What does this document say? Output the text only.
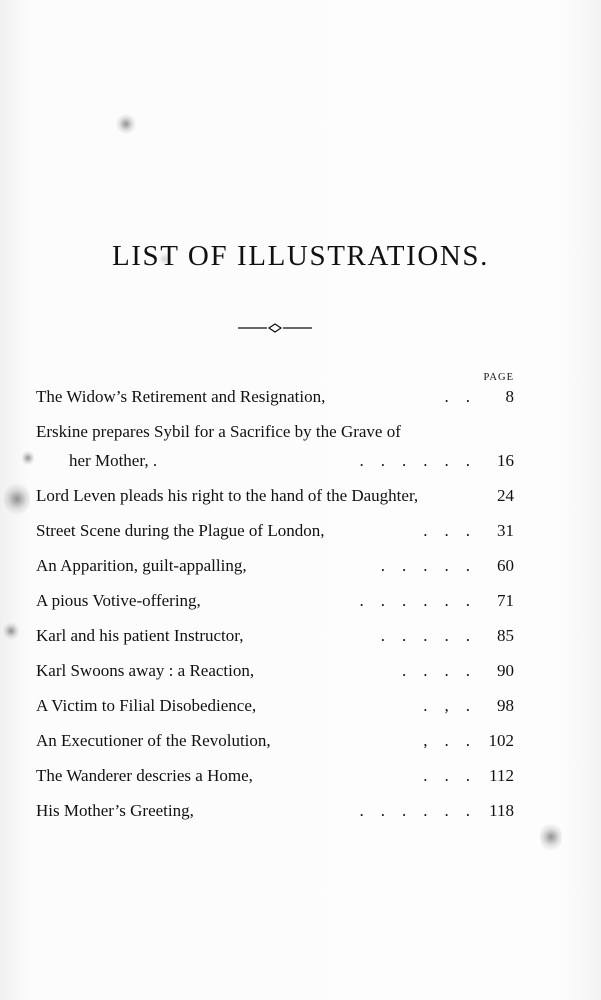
LIST OF ILLUSTRATIONS.
PAGE
The Widow’s Retirement and Resignation,	.    . 8
Erskine prepares Sybil for a Sacrifice by the Grave of
her Mother, .	.    .    .    .    .    . 16
Lord Leven pleads his right to the hand of the Daughter,	24
Street Scene during the Plague of London,	.    .    . 31
An Apparition, guilt-appalling,	.    .    .    .    . 60
A pious Votive-offering,	.    .    .    .    .    . 71
Karl and his patient Instructor,	.    .    .    .    . 85
Karl Swoons away : a Reaction,	.    .    .    . 90
A Victim to Filial Disobedience,	.    ,    . 98
An Executioner of the Revolution,	,    .    . 102
The Wanderer descries a Home,	.    .    . 112
His Mother’s Greeting,	.    .    .    .    .    . 118
